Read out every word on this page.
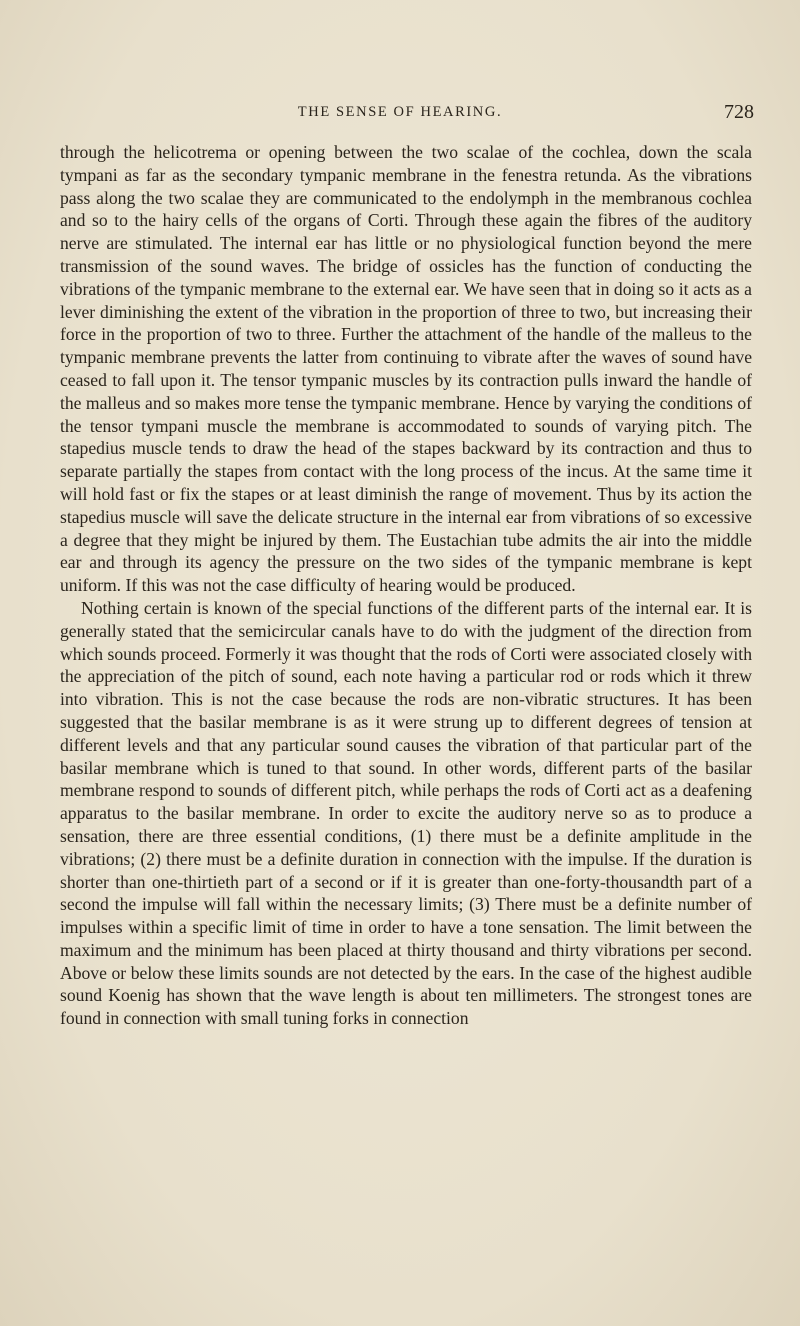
THE SENSE OF HEARING.	728

through the helicotrema or opening between the two scalae of the cochlea, down the scala tympani as far as the secondary tympanic membrane in the fenestra retunda. As the vibrations pass along the two scalae they are communicated to the endolymph in the membranous cochlea and so to the hairy cells of the organs of Corti. Through these again the fibres of the auditory nerve are stimulated. The internal ear has little or no physiological function beyond the mere transmission of the sound waves. The bridge of ossicles has the function of conducting the vibrations of the tympanic membrane to the external ear. We have seen that in doing so it acts as a lever diminishing the extent of the vibration in the proportion of three to two, but increasing their force in the proportion of two to three. Further the attachment of the handle of the malleus to the tympanic membrane prevents the latter from continuing to vibrate after the waves of sound have ceased to fall upon it. The tensor tympanic muscles by its contraction pulls inward the handle of the malleus and so makes more tense the tympanic membrane. Hence by varying the conditions of the tensor tympani muscle the membrane is accommodated to sounds of varying pitch. The stapedius muscle tends to draw the head of the stapes backward by its contraction and thus to separate partially the stapes from contact with the long process of the incus. At the same time it will hold fast or fix the stapes or at least diminish the range of movement. Thus by its action the stapedius muscle will save the delicate structure in the internal ear from vibrations of so excessive a degree that they might be injured by them. The Eustachian tube admits the air into the middle ear and through its agency the pressure on the two sides of the tympanic membrane is kept uniform. If this was not the case difficulty of hearing would be produced.

Nothing certain is known of the special functions of the different parts of the internal ear. It is generally stated that the semicircular canals have to do with the judgment of the direction from which sounds proceed. Formerly it was thought that the rods of Corti were associated closely with the appreciation of the pitch of sound, each note having a particular rod or rods which it threw into vibration. This is not the case because the rods are non-vibratic structures. It has been suggested that the basilar membrane is as it were strung up to different degrees of tension at different levels and that any particular sound causes the vibration of that particular part of the basilar membrane which is tuned to that sound. In other words, different parts of the basilar membrane respond to sounds of different pitch, while perhaps the rods of Corti act as a deafening apparatus to the basilar membrane. In order to excite the auditory nerve so as to produce a sensation, there are three essential conditions, (1) there must be a definite amplitude in the vibrations; (2) there must be a definite duration in connection with the impulse. If the duration is shorter than one-thirtieth part of a second or if it is greater than one-forty-thousandth part of a second the impulse will fall within the necessary limits; (3) There must be a definite number of impulses within a specific limit of time in order to have a tone sensation. The limit between the maximum and the minimum has been placed at thirty thousand and thirty vibrations per second. Above or below these limits sounds are not detected by the ears. In the case of the highest audible sound Koenig has shown that the wave length is about ten millimeters. The strongest tones are found in connection with small tuning forks in connection
